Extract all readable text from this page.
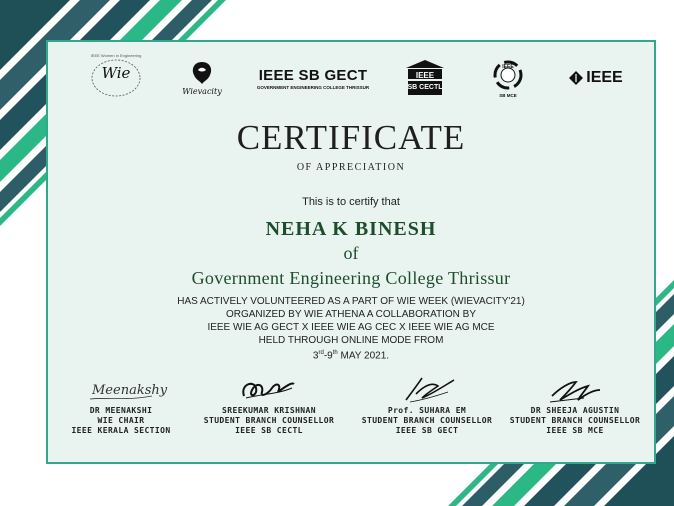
Wie
IEEE Women in Engineering
Wievacity
IEEE SB GECT
GOVERNMENT ENGINEERING COLLEGE THRISSUR
IEEE
SB CECTL
IEEE
SB MCE
IEEE
CERTIFICATE
OF APPRECIATION
This is to certify that
NEHA K BINESH
of
Government Engineering College Thrissur
HAS ACTIVELY VOLUNTEERED AS A PART OF WIE WEEK (WIEVACITY'21)
ORGANIZED BY WIE ATHENA A COLLABORATION BY
IEEE WIE AG GECT X IEEE WIE AG CEC X IEEE WIE AG MCE
HELD THROUGH ONLINE MODE FROM
3rd-9th MAY 2021.
Meenakshy
DR MEENAKSHI
WIE CHAIR
IEEE KERALA SECTION
SREEKUMAR KRISHNAN
STUDENT BRANCH COUNSELLOR
IEEE SB CECTL
Prof. SUHARA EM
STUDENT BRANCH COUNSELLOR
IEEE SB GECT
DR SHEEJA AGUSTIN
STUDENT BRANCH COUNSELLOR
IEEE SB MCE
